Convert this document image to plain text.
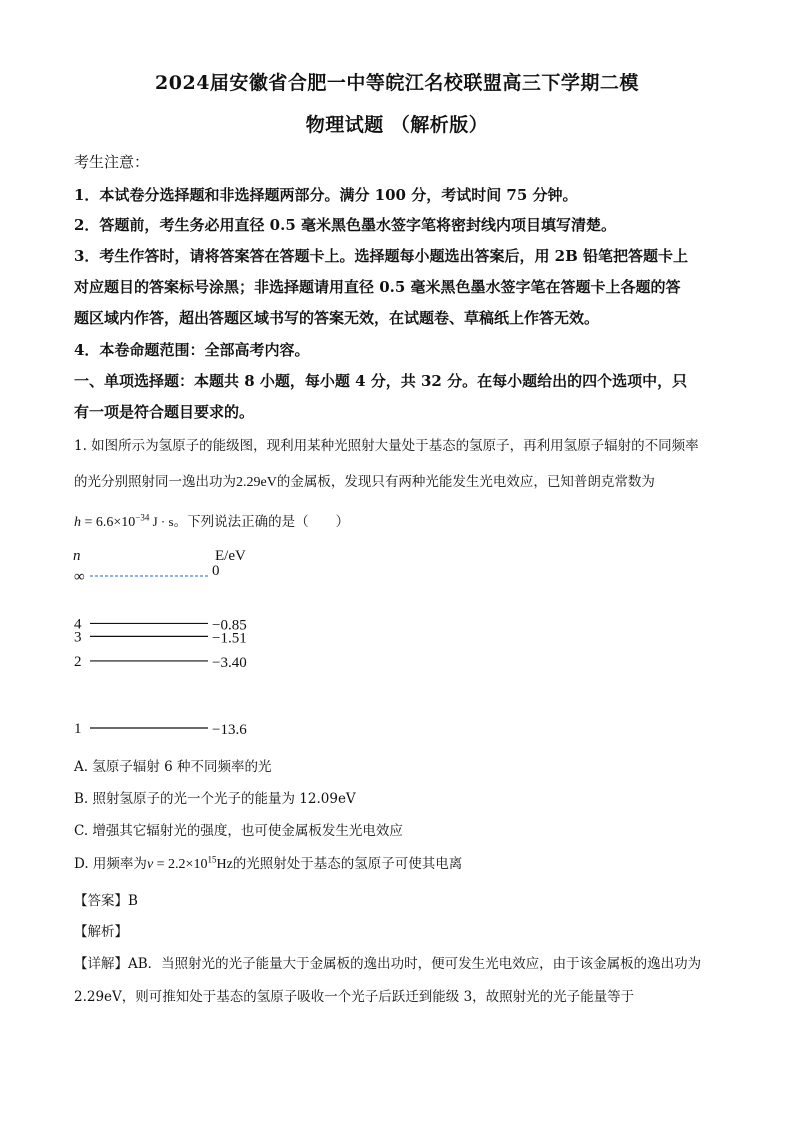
2024届安徽省合肥一中等皖江名校联盟高三下学期二模
物理试题 （解析版）
考生注意：
1．本试卷分选择题和非选择题两部分。满分 100 分，考试时间 75 分钟。
2．答题前，考生务必用直径 0.5 毫米黑色墨水签字笔将密封线内项目填写清楚。
3．考生作答时，请将答案答在答题卡上。选择题每小题选出答案后，用 2B 铅笔把答题卡上
对应题目的答案标号涂黑；非选择题请用直径 0.5 毫米黑色墨水签字笔在答题卡上各题的答
题区域内作答，超出答题区域书写的答案无效，在试题卷、草稿纸上作答无效。
4．本卷命题范围：全部高考内容。
一、单项选择题：本题共 8 小题，每小题 4 分，共 32 分。在每小题给出的四个选项中，只
有一项是符合题目要求的。
1. 如图所示为氢原子的能级图，现利用某种光照射大量处于基态的氢原子，再利用氢原子辐射的不同频率
的光分别照射同一逸出功为2.29eV的金属板，发现只有两种光能发生光电效应，已知普朗克常数为
$h = 6.6\times 10^{-34}$ J · s。下列说法正确的是（　　）
n	E/eV
∞	0
4	−0.85
3	−1.51
2	−3.40
1	−13.6
A. 氢原子辐射 6 种不同频率的光
B. 照射氢原子的光一个光子的能量为 12.09eV
C. 增强其它辐射光的强度，也可使金属板发生光电效应
D. 用频率为$\nu = 2.2\times 10^{15}Hz$的光照射处于基态的氢原子可使其电离
【答案】B
【解析】
【详解】AB．当照射光的光子能量大于金属板的逸出功时，便可发生光电效应，由于该金属板的逸出功为
2.29eV，则可推知处于基态的氢原子吸收一个光子后跃迁到能级 3，故照射光的光子能量等于
